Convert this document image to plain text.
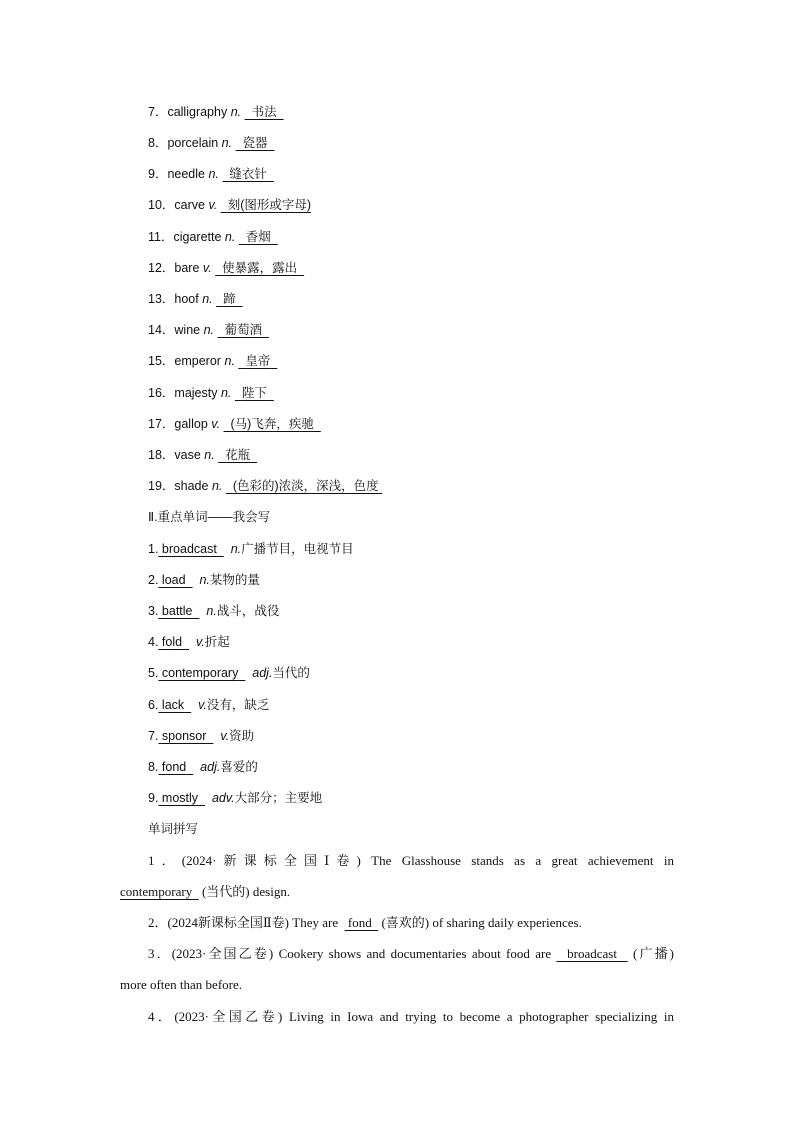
7．calligraphy n. 书法
8．porcelain n. 瓷器
9．needle n. 缝衣针
10．carve v. 刻(图形或字母)
11．cigarette n. 香烟
12．bare v. 使暴露，露出
13．hoof n. 蹄
14．wine n. 葡萄酒
15．emperor n. 皇帝
16．majesty n. 陛下
17．gallop v. (马)飞奔，疾驰
18．vase n. 花瓶
19．shade n. (色彩的)浓淡，深浅，色度
Ⅱ.重点单词——我会写
1. broadcast n.广播节目，电视节目
2. load n.某物的量
3. battle n.战斗，战役
4. fold v.折起
5. contemporary adj.当代的
6. lack v.没有，缺乏
7. sponsor v.资助
8. fond adj.喜爱的
9. mostly adv.大部分；主要地
单词拼写
1．(2024·新课标全国Ⅰ卷) The Glasshouse stands as a great achievement in
contemporary (当代的) design.
2．(2024新课标全国Ⅱ卷) They are fond (喜欢的) of sharing daily experiences.
3．(2023·全国乙卷) Cookery shows and documentaries about food are broadcast (广播)
more often than before.
4．(2023·全国乙卷) Living in Iowa and trying to become a photographer specializing in
